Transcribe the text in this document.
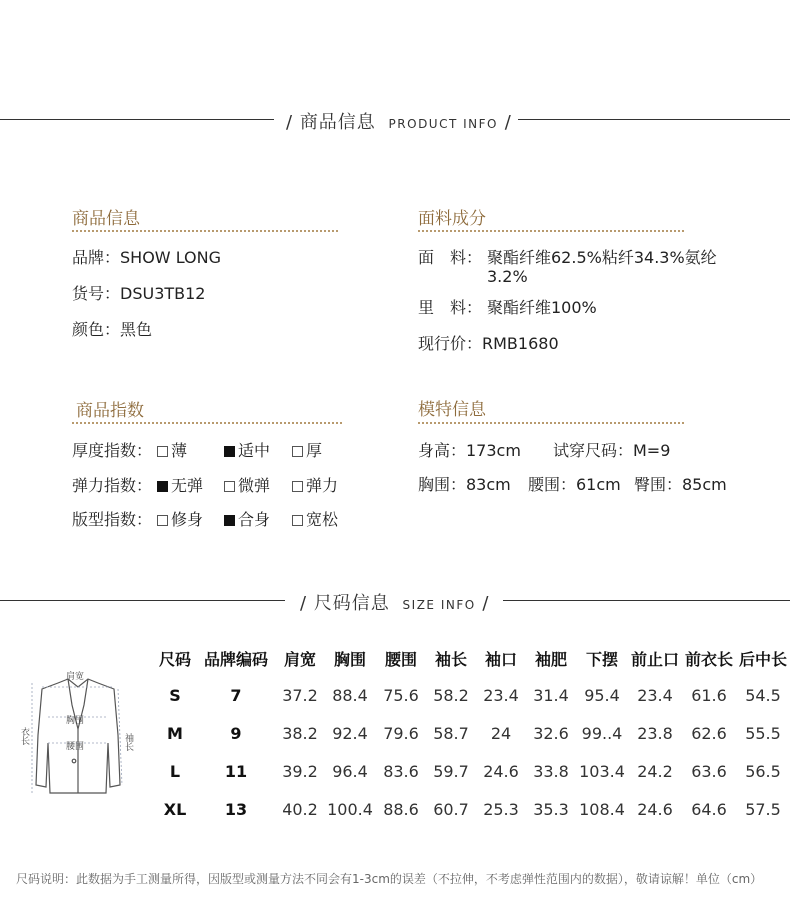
/ 商品信息 PRODUCT INFO /
商品信息
品牌：SHOW LONG
货号：DSU3TB12
颜色：黑色
面料成分
面　料： 聚酯纤维62.5%粘纤34.3%氨纶
3.2%
里　料： 聚酯纤维100%
现行价：RMB1680
商品指数
厚度指数：	薄	适中	厚
弹力指数：	无弹	微弹	弹力
版型指数：	修身	合身	宽松
模特信息
身高：173cm 试穿尺码：M=9
胸围：83cm 腰围：61cm 臀围：85cm
/ 尺码信息 SIZE INFO /
肩宽
胸围
腰围
衣长	袖长
尺码	品牌编码	肩宽	胸围	腰围	袖长	袖口	袖肥	下摆	前止口	前衣长	后中长
S	7	37.2	88.4	75.6	58.2	23.4	31.4	95.4	23.4	61.6	54.5
M	9	38.2	92.4	79.6	58.7	24	32.6	99..4	23.8	62.6	55.5
L	11	39.2	96.4	83.6	59.7	24.6	33.8	103.4	24.2	63.6	56.5
XL	13	40.2	100.4	88.6	60.7	25.3	35.3	108.4	24.6	64.6	57.5
尺码说明：此数据为手工测量所得，因版型或测量方法不同会有1-3cm的误差（不拉伸，不考虑弹性范围内的数据），敬请谅解！单位（cm）
